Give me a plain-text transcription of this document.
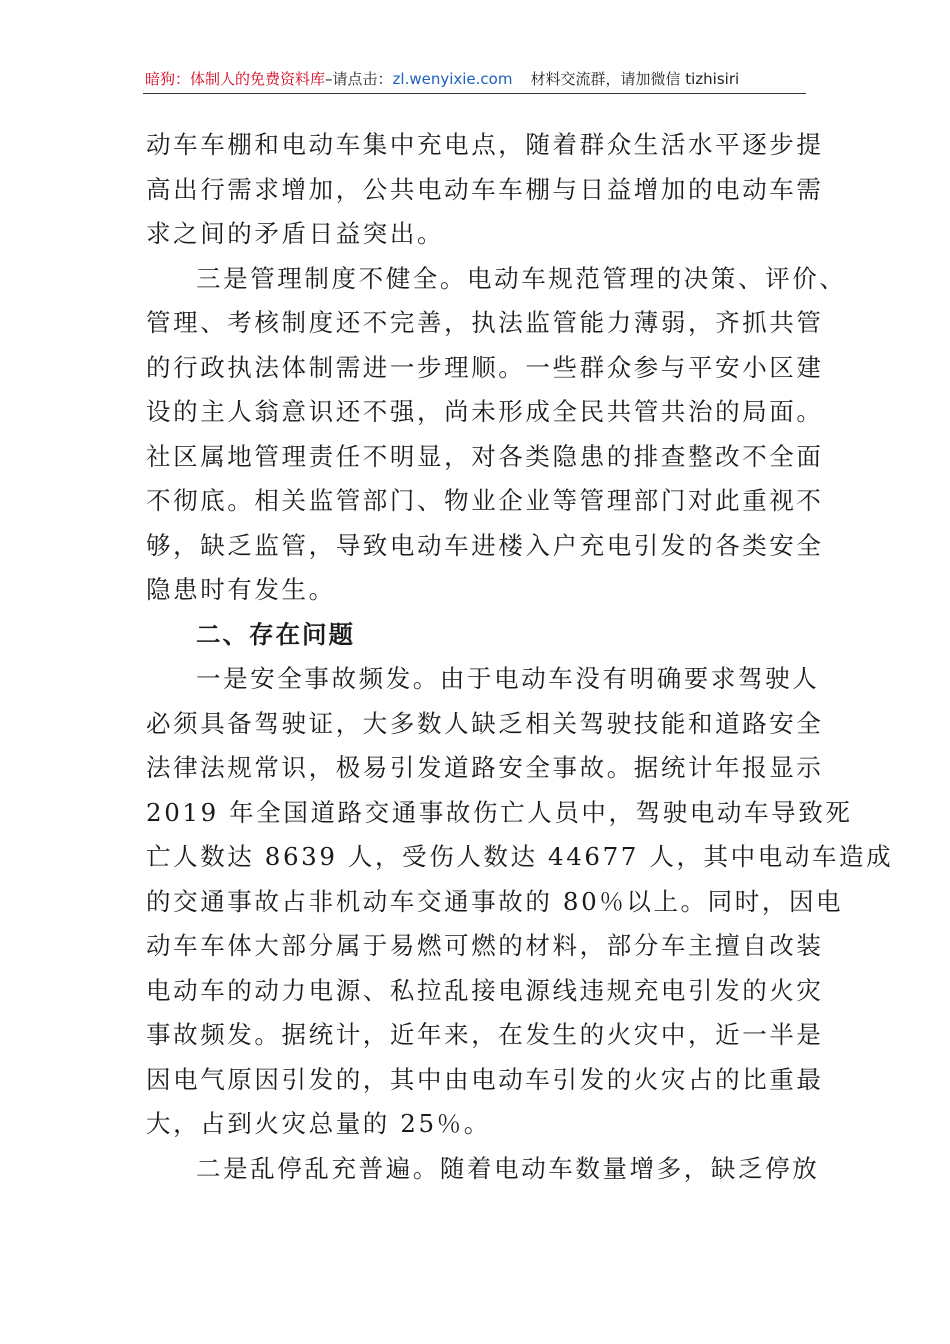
暗狗：体制人的免费资料库–请点击：zl.wenyixie.com 材料交流群，请加微信 tizhisiri
动车车棚和电动车集中充电点，随着群众生活水平逐步提
高出行需求增加，公共电动车车棚与日益增加的电动车需
求之间的矛盾日益突出。
三是管理制度不健全。电动车规范管理的决策、评价、
管理、考核制度还不完善，执法监管能力薄弱，齐抓共管
的行政执法体制需进一步理顺。一些群众参与平安小区建
设的主人翁意识还不强，尚未形成全民共管共治的局面。
社区属地管理责任不明显，对各类隐患的排查整改不全面
不彻底。相关监管部门、物业企业等管理部门对此重视不
够，缺乏监管，导致电动车进楼入户充电引发的各类安全
隐患时有发生。
二、存在问题
一是安全事故频发。由于电动车没有明确要求驾驶人
必须具备驾驶证，大多数人缺乏相关驾驶技能和道路安全
法律法规常识，极易引发道路安全事故。据统计年报显示
2019 年全国道路交通事故伤亡人员中，驾驶电动车导致死
亡人数达 8639 人，受伤人数达 44677 人，其中电动车造成
的交通事故占非机动车交通事故的 80％以上。同时，因电
动车车体大部分属于易燃可燃的材料，部分车主擅自改装
电动车的动力电源、私拉乱接电源线违规充电引发的火灾
事故频发。据统计，近年来，在发生的火灾中，近一半是
因电气原因引发的，其中由电动车引发的火灾占的比重最
大，占到火灾总量的 25％。
二是乱停乱充普遍。随着电动车数量增多，缺乏停放
